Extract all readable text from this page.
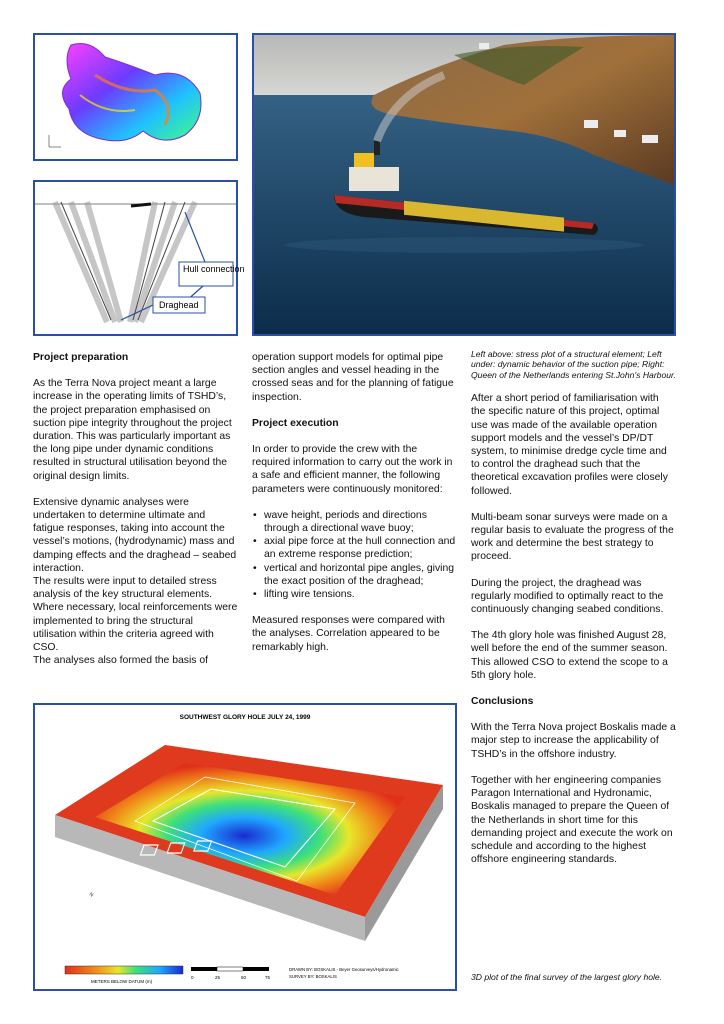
Hull connection
Draghead
Project preparation

As the Terra Nova project meant a large increase in the operating limits of TSHD’s, the project preparation emphasised on suction pipe integrity throughout the project duration. This was particularly important as the long pipe under dynamic conditions resulted in structural utilisation beyond the original design limits.

Extensive dynamic analyses were undertaken to determine ultimate and fatigue responses, taking into account the vessel’s motions, (hydrodynamic) mass and damping effects and the draghead – seabed interaction.

The results were input to detailed stress analysis of the key structural elements. Where necessary, local reinforcements were implemented to bring the structural utilisation within the criteria agreed with CSO.

The analyses also formed the basis of

operation support models for optimal pipe section angles and vessel heading in the crossed seas and for the planning of fatigue inspection.

Project execution

In order to provide the crew with the required information to carry out the work in a safe and efficient manner, the following parameters were continuously monitored:

• wave height, periods and directions through a directional wave buoy;
• axial pipe force at the hull connection and an extreme response prediction;
• vertical and horizontal pipe angles, giving the exact position of the draghead;
• lifting wire tensions.

Measured responses were compared with the analyses. Correlation appeared to be remarkably high.

Left above: stress plot of a structural element; Left under: dynamic behavior of the suction pipe; Right: Queen of the Netherlands entering St.John’s Harbour.

After a short period of familiarisation with the specific nature of this project, optimal use was made of the available operation support models and the vessel’s DP/DT system, to minimise dredge cycle time and to control the draghead such that the theoretical excavation profiles were closely followed.

Multi-beam sonar surveys were made on a regular basis to evaluate the progress of the work and determine the best strategy to proceed.

During the project, the draghead was regularly modified to optimally react to the continuously changing seabed conditions.

The 4th glory hole was finished August 28, well before the end of the summer season. This allowed CSO to extend the scope to a 5th glory hole.

Conclusions

With the Terra Nova project Boskalis made a major step to increase the applicability of TSHD’s in the offshore industry.

Together with her engineering companies Paragon International and Hydronamic, Boskalis managed to prepare the Queen of the Netherlands in short time for this demanding project and execute the work on schedule and according to the highest offshore engineering standards.

3D plot of the final survey of the largest glory hole.

SOUTHWEST GLORY HOLE JULY 24, 1999
N
METERS BELOW DATUM (m)
0	25	50	75
DRAWN BY: BOSKALIS - Beyer Geosurveys/Hydronamic
SURVEY BY: BOSKALIS
